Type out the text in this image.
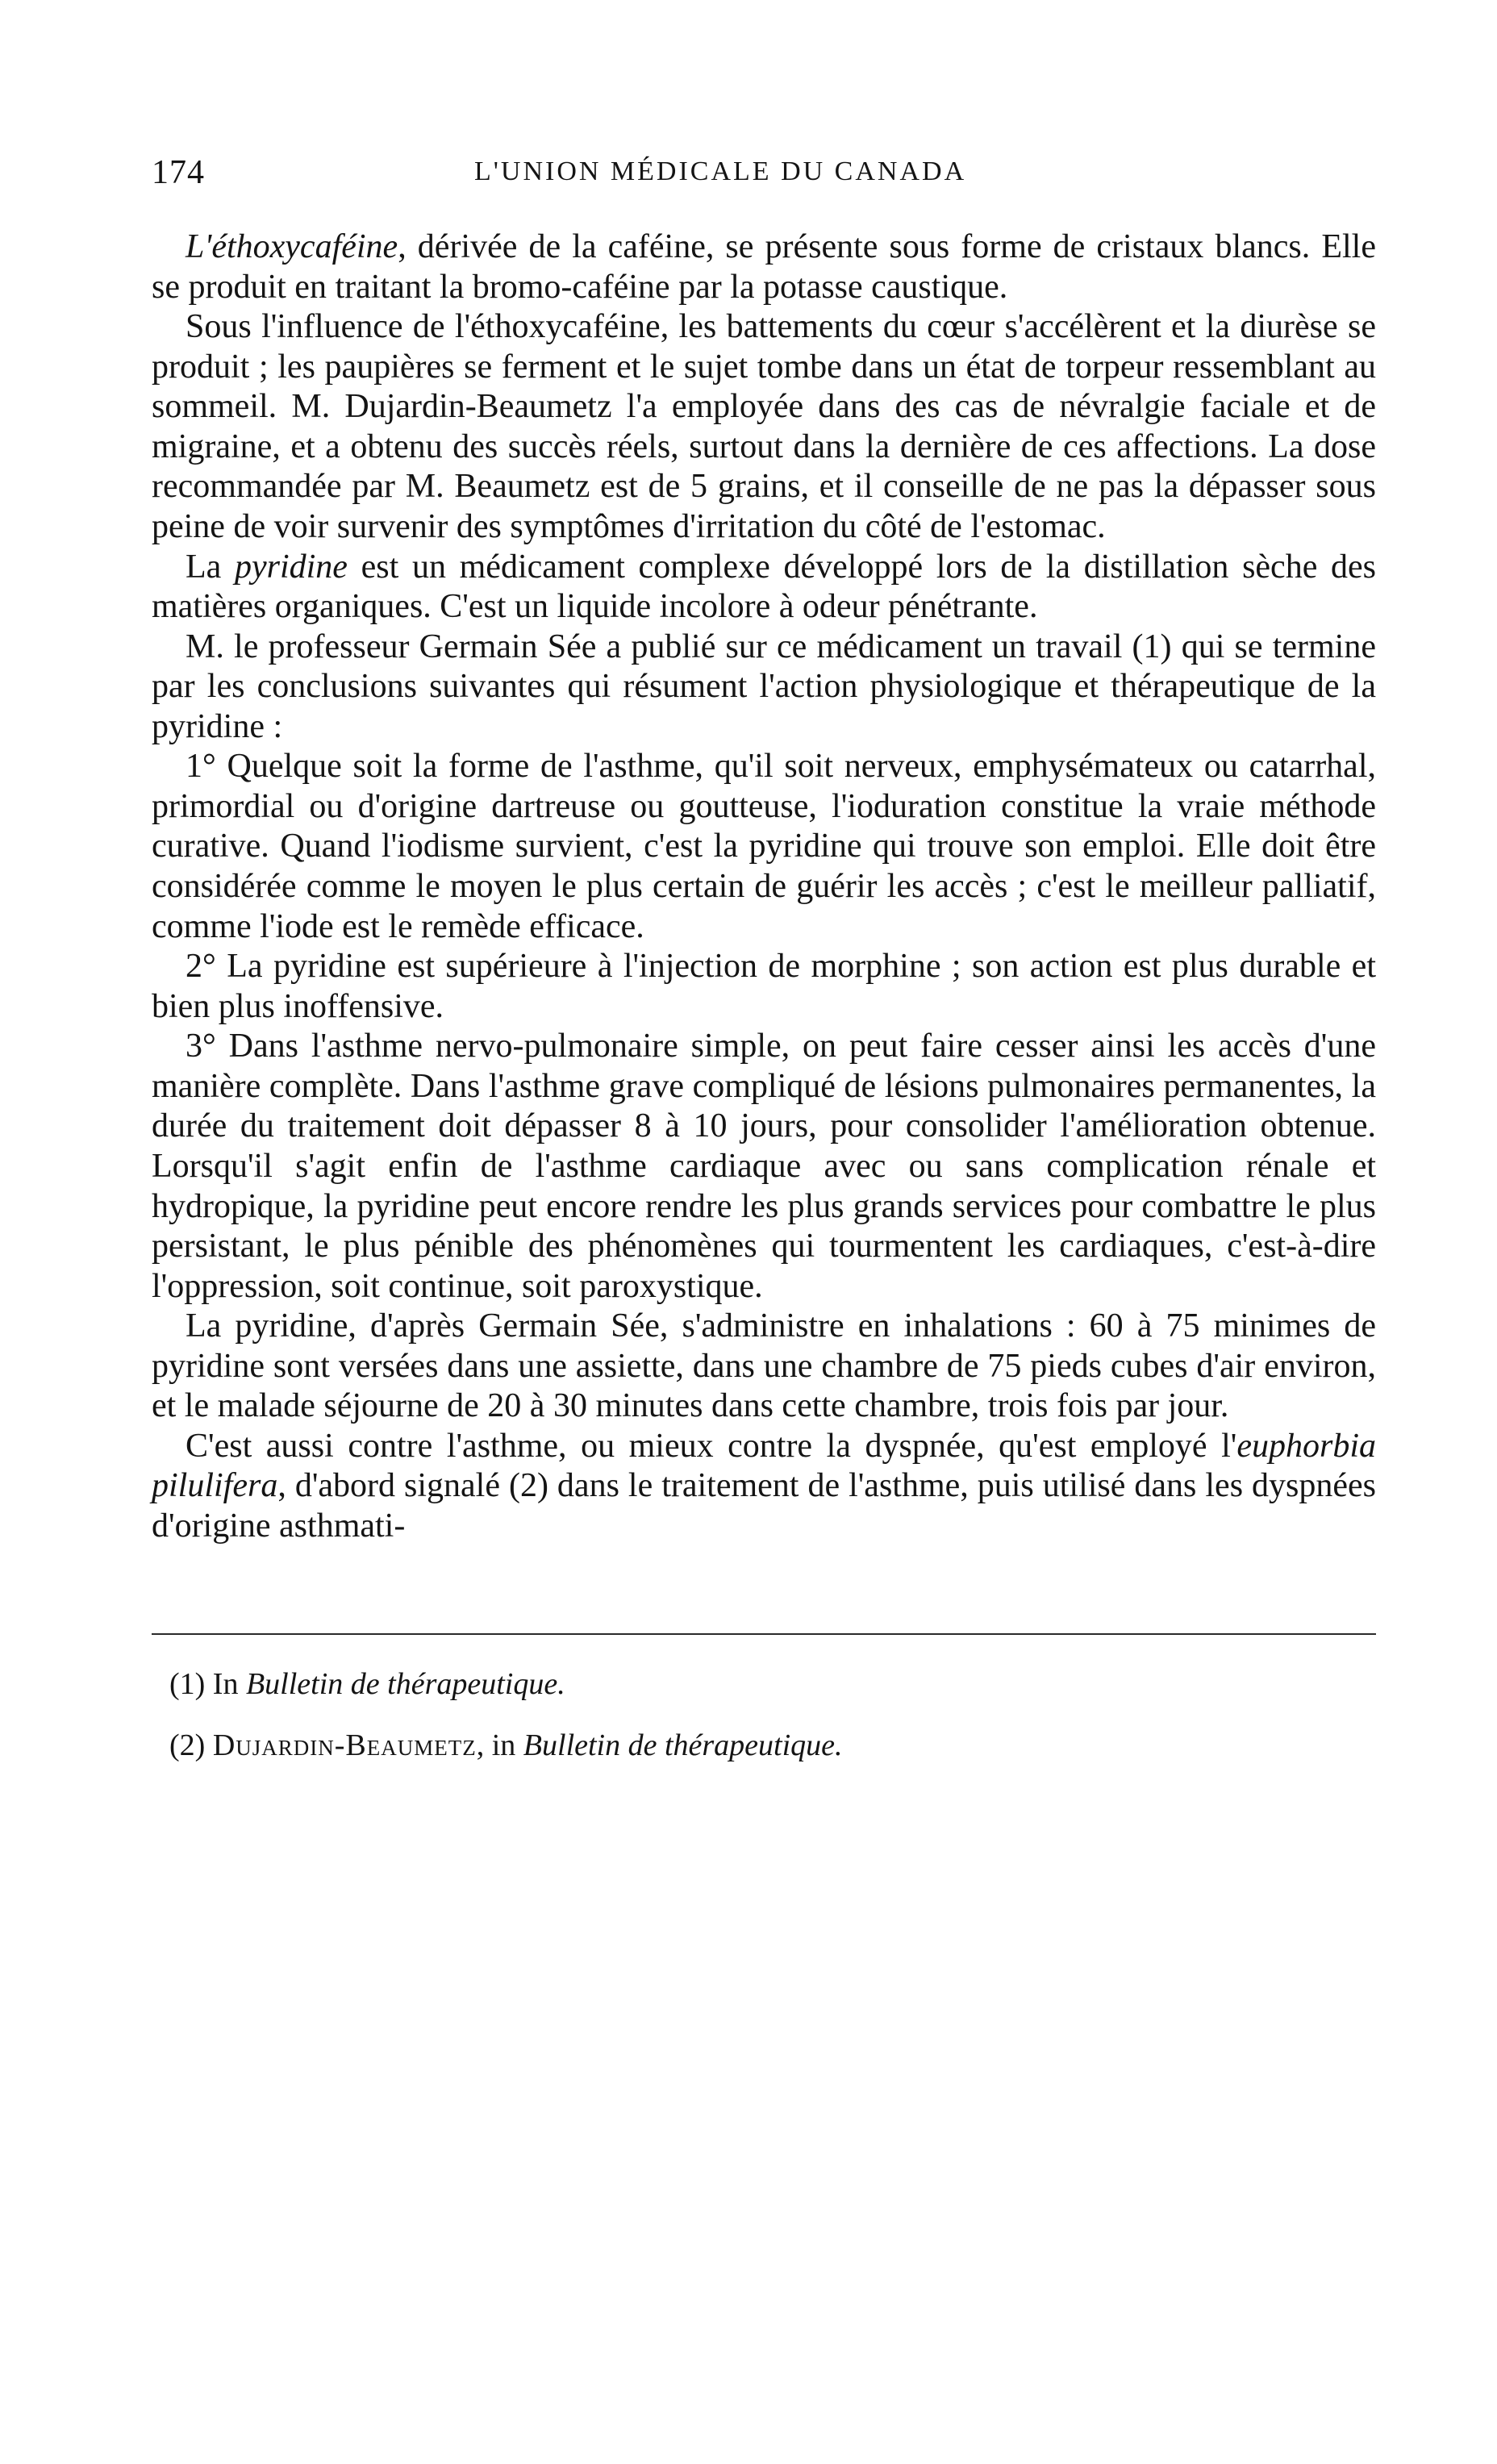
174	L'UNION MÉDICALE DU CANADA

L'éthoxycaféine, dérivée de la caféine, se présente sous forme de cristaux blancs. Elle se produit en traitant la bromo-caféine par la potasse caustique.

Sous l'influence de l'éthoxycaféine, les battements du cœur s'accélèrent et la diurèse se produit ; les paupières se ferment et le sujet tombe dans un état de torpeur ressemblant au sommeil. M. Dujardin-Beaumetz l'a employée dans des cas de névralgie faciale et de migraine, et a obtenu des succès réels, surtout dans la dernière de ces affections. La dose recommandée par M. Beaumetz est de 5 grains, et il conseille de ne pas la dépasser sous peine de voir survenir des symptômes d'irritation du côté de l'estomac.

La pyridine est un médicament complexe développé lors de la distillation sèche des matières organiques. C'est un liquide incolore à odeur pénétrante.

M. le professeur Germain Sée a publié sur ce médicament un travail (1) qui se termine par les conclusions suivantes qui résument l'action physiologique et thérapeutique de la pyridine :

1° Quelque soit la forme de l'asthme, qu'il soit nerveux, emphysémateux ou catarrhal, primordial ou d'origine dartreuse ou goutteuse, l'ioduration constitue la vraie méthode curative. Quand l'iodisme survient, c'est la pyridine qui trouve son emploi. Elle doit être considérée comme le moyen le plus certain de guérir les accès ; c'est le meilleur palliatif, comme l'iode est le remède efficace.

2° La pyridine est supérieure à l'injection de morphine ; son action est plus durable et bien plus inoffensive.

3° Dans l'asthme nervo-pulmonaire simple, on peut faire cesser ainsi les accès d'une manière complète. Dans l'asthme grave compliqué de lésions pulmonaires permanentes, la durée du traitement doit dépasser 8 à 10 jours, pour consolider l'amélioration obtenue. Lorsqu'il s'agit enfin de l'asthme cardiaque avec ou sans complication rénale et hydropique, la pyridine peut encore rendre les plus grands services pour combattre le plus persistant, le plus pénible des phénomènes qui tourmentent les cardiaques, c'est-à-dire l'oppression, soit continue, soit paroxystique.

La pyridine, d'après Germain Sée, s'administre en inhalations : 60 à 75 minimes de pyridine sont versées dans une assiette, dans une chambre de 75 pieds cubes d'air environ, et le malade séjourne de 20 à 30 minutes dans cette chambre, trois fois par jour.

C'est aussi contre l'asthme, ou mieux contre la dyspnée, qu'est employé l'euphorbia pilulifera, d'abord signalé (2) dans le traitement de l'asthme, puis utilisé dans les dyspnées d'origine asthmati-

(1) In Bulletin de thérapeutique.
(2) Dujardin-Beaumetz, in Bulletin de thérapeutique.
